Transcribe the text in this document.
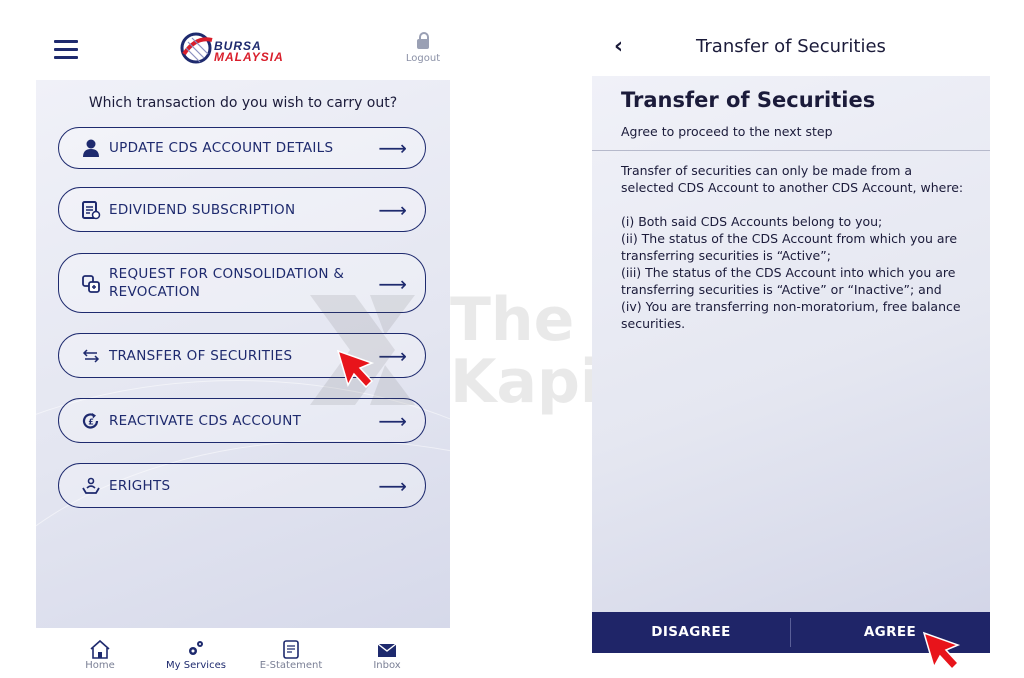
BURSA
MALAYSIA	Logout
Which transaction do you wish to carry out?
UPDATE CDS ACCOUNT DETAILS ⟶
EDIVIDEND SUBSCRIPTION	⟶
REQUEST FOR CONSOLIDATION &
REVOCATION	⟶
TRANSFER OF SECURITIES	⟶
£ REACTIVATE CDS ACCOUNT	⟶
ERIGHTS	⟶
Home	My Services	E-Statement	Inbox
The
‹	Transfer of Securities
Transfer of Securities
Agree to proceed to the next step

Transfer of securities can only be made from a selected CDS Account to another CDS Account, where:

(i) Both said CDS Accounts belong to you;

(ii) The status of the CDS Account from which you are transferring securities is “Active”;

(iii) The status of the CDS Account into which you are transferring securities is “Active” or “Inactive”; and

(iv) You are transferring non-moratorium, free balance securities.

DISAGREE	AGREE
